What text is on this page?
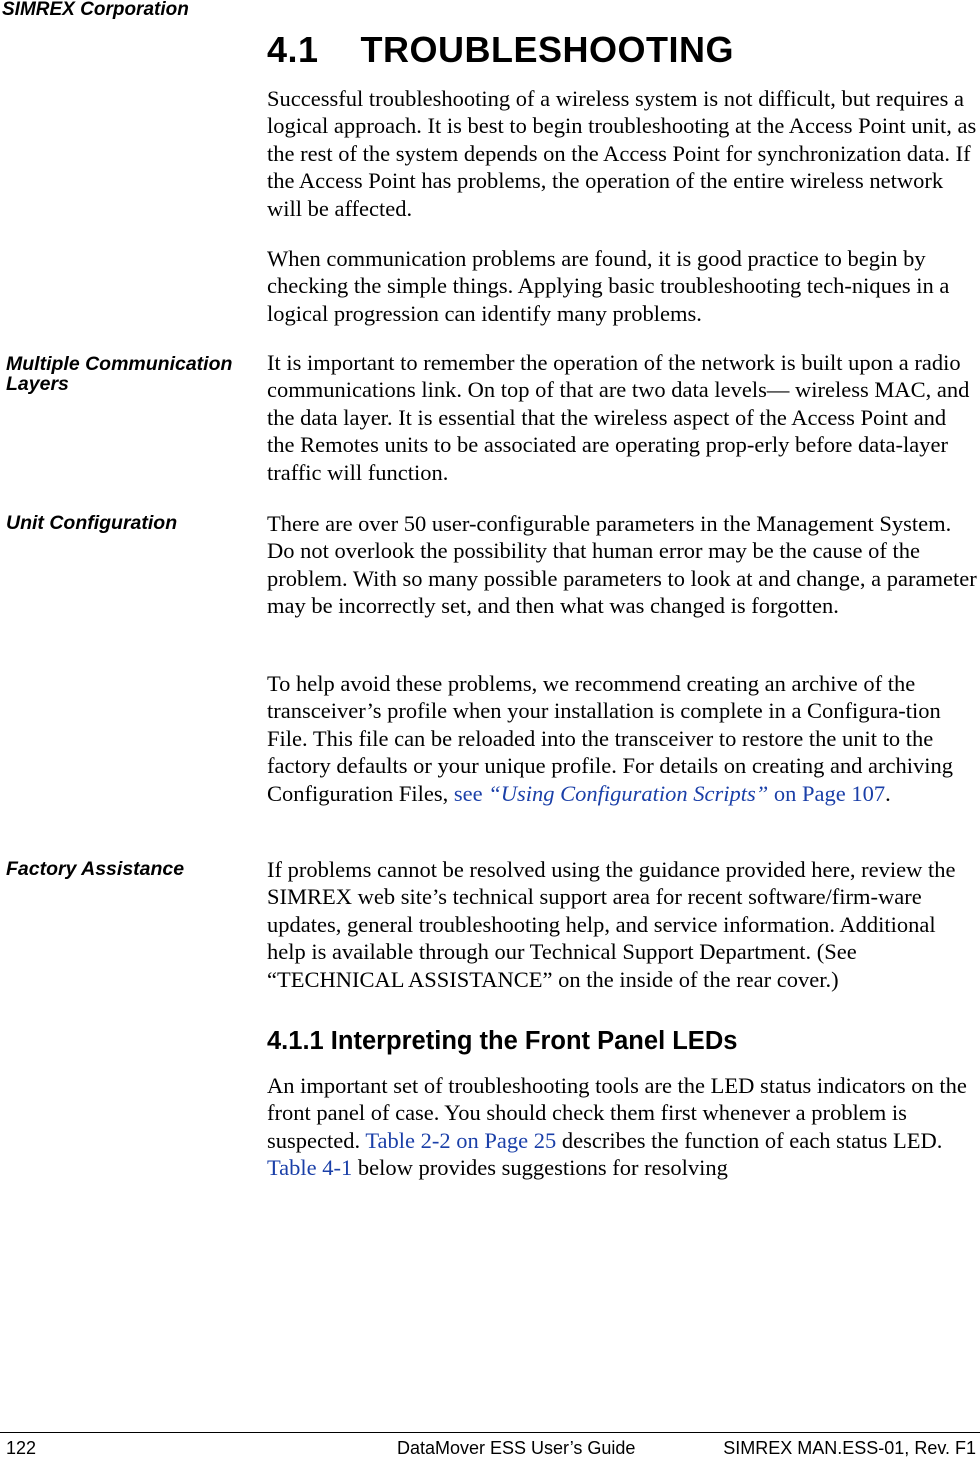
SIMREX Corporation
4.1    TROUBLESHOOTING

Successful troubleshooting of a wireless system is not difficult, but requires a logical approach. It is best to begin troubleshooting at the Access Point unit, as the rest of the system depends on the Access Point for synchronization data. If the Access Point has problems, the operation of the entire wireless network will be affected.

When communication problems are found, it is good practice to begin by checking the simple things. Applying basic troubleshooting tech-niques in a logical progression can identify many problems.

Multiple Communication Layers

It is important to remember the operation of the network is built upon a radio communications link. On top of that are two data levels— wireless MAC, and the data layer. It is essential that the wireless aspect of the Access Point and the Remotes units to be associated are operating prop-erly before data-layer traffic will function.

Unit Configuration	There are over 50 user-configurable parameters in the Management System. Do not overlook the possibility that human error may be the cause of the problem. With so many possible parameters to look at and change, a parameter may be incorrectly set, and then what was changed is forgotten.

To help avoid these problems, we recommend creating an archive of the transceiver’s profile when your installation is complete in a Configura-tion File. This file can be reloaded into the transceiver to restore the unit to the factory defaults or your unique profile. For details on creating and archiving Configuration Files, see “Using Configuration Scripts” on Page 107.

Factory Assistance	If problems cannot be resolved using the guidance provided here, review the SIMREX web site’s technical support area for recent software/firm-ware updates, general troubleshooting help, and service information. Additional help is available through our Technical Support Department. (See “TECHNICAL ASSISTANCE” on the inside of the rear cover.)

4.1.1 Interpreting the Front Panel LEDs

An important set of troubleshooting tools are the LED status indicators on the front panel of case. You should check them first whenever a problem is suspected. Table 2-2 on Page 25 describes the function of each status LED. Table 4-1 below provides suggestions for resolving

122	DataMover ESS User’s Guide	SIMREX MAN.ESS-01, Rev. F1
